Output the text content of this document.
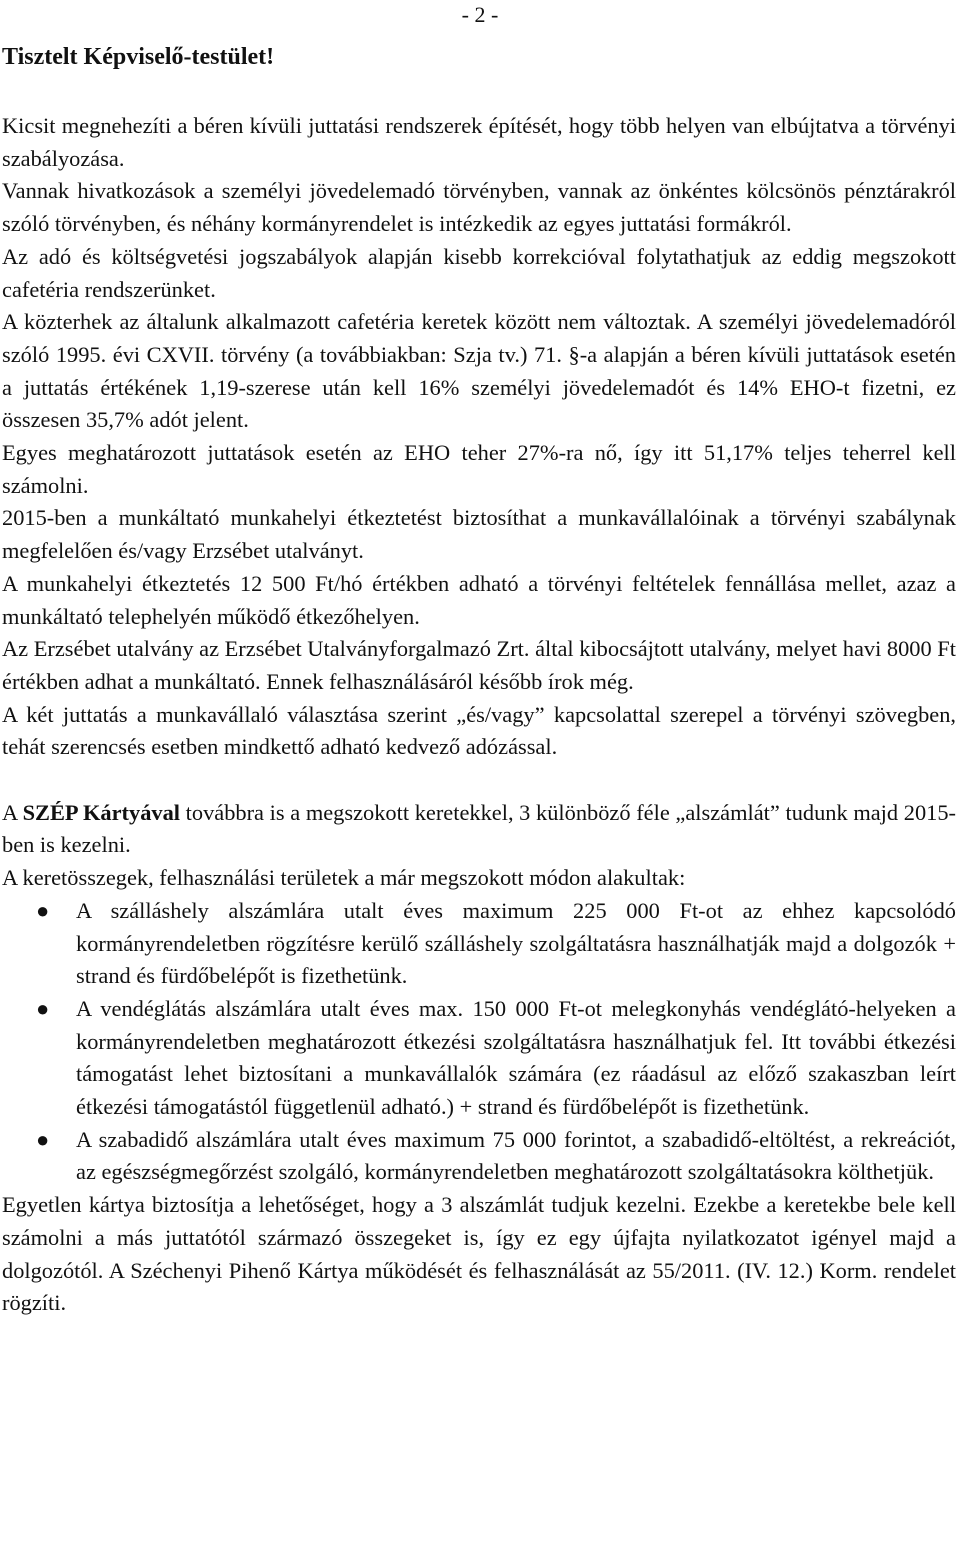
- 2 -
Tisztelt Képviselő-testület!

Kicsit megnehezíti a béren kívüli juttatási rendszerek építését, hogy több helyen van elbújtatva a törvényi szabályozása.

Vannak hivatkozások a személyi jövedelemadó törvényben, vannak az önkéntes kölcsönös pénztárakról szóló törvényben, és néhány kormányrendelet is intézkedik az egyes juttatási formákról.

Az adó és költségvetési jogszabályok alapján kisebb korrekcióval folytathatjuk az eddig megszokott cafetéria rendszerünket.

A közterhek az általunk alkalmazott cafetéria keretek között nem változtak. A személyi jövedelemadóról szóló 1995. évi CXVII. törvény (a továbbiakban: Szja tv.) 71. §-a alapján a béren kívüli juttatások esetén a juttatás értékének 1,19-szerese után kell 16% személyi jövedelemadót és 14% EHO-t fizetni, ez összesen 35,7% adót jelent.

Egyes meghatározott juttatások esetén az EHO teher 27%-ra nő, így itt 51,17% teljes teherrel kell számolni.

2015-ben a munkáltató munkahelyi étkeztetést biztosíthat a munkavállalóinak a törvényi szabálynak megfelelően és/vagy Erzsébet utalványt.

A munkahelyi étkeztetés 12 500 Ft/hó értékben adható a törvényi feltételek fennállása mellet, azaz a munkáltató telephelyén működő étkezőhelyen.

Az Erzsébet utalvány az Erzsébet Utalványforgalmazó Zrt. által kibocsájtott utalvány, melyet havi 8000 Ft értékben adhat a munkáltató. Ennek felhasználásáról később írok még.

A két juttatás a munkavállaló választása szerint „és/vagy” kapcsolattal szerepel a törvényi szövegben, tehát szerencsés esetben mindkettő adható kedvező adózással.

A SZÉP Kártyával továbbra is a megszokott keretekkel, 3 különböző féle „alszámlát” tudunk majd 2015-ben is kezelni.

A keretösszegek, felhasználási területek a már megszokott módon alakultak:

● A szálláshely alszámlára utalt éves maximum 225 000 Ft-ot az ehhez kapcsolódó kormányrendeletben rögzítésre kerülő szálláshely szolgáltatásra használhatják majd a dolgozók + strand és fürdőbelépőt is fizethetünk.
● A vendéglátás alszámlára utalt éves max. 150 000 Ft-ot melegkonyhás vendéglátó-helyeken a kormányrendeletben meghatározott étkezési szolgáltatásra használhatjuk fel. Itt további étkezési támogatást lehet biztosítani a munkavállalók számára (ez ráadásul az előző szakaszban leírt étkezési támogatástól függetlenül adható.) + strand és fürdőbelépőt is fizethetünk.
● A szabadidő alszámlára utalt éves maximum 75 000 forintot, a szabadidő-eltöltést, a rekreációt, az egészségmegőrzést szolgáló, kormányrendeletben meghatározott szolgáltatásokra költhetjük.

Egyetlen kártya biztosítja a lehetőséget, hogy a 3 alszámlát tudjuk kezelni. Ezekbe a keretekbe bele kell számolni a más juttatótól származó összegeket is, így ez egy újfajta nyilatkozatot igényel majd a dolgozótól. A Széchenyi Pihenő Kártya működését és felhasználását az 55/2011. (IV. 12.) Korm. rendelet rögzíti.
